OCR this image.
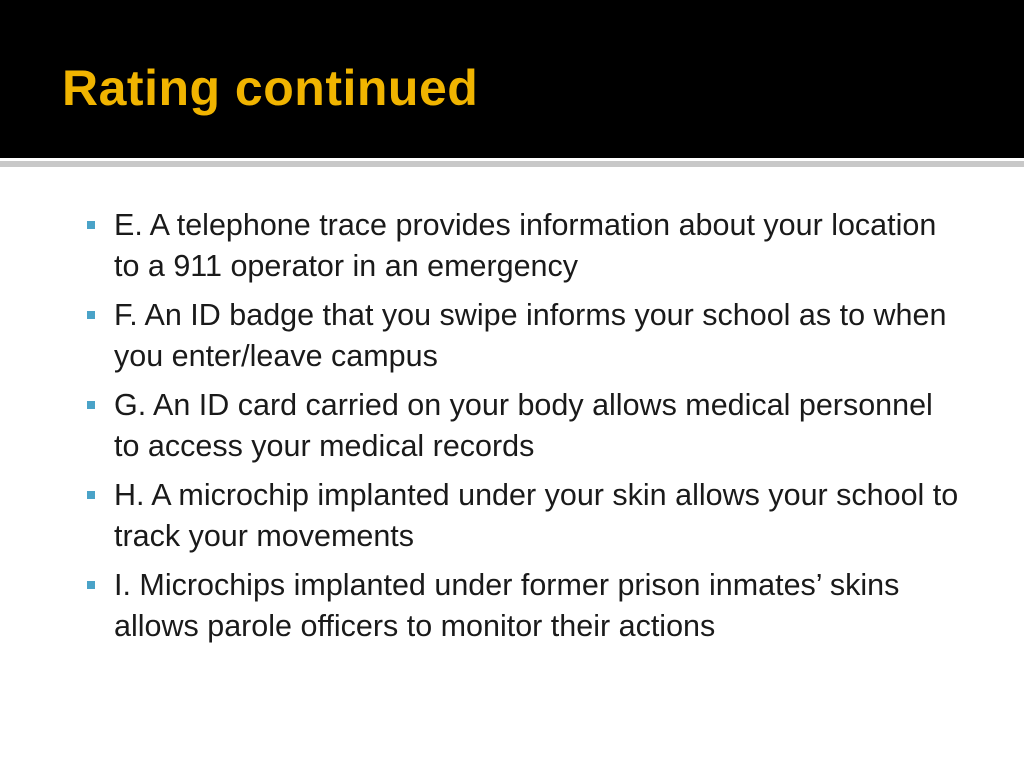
Rating continued
E. A telephone trace provides information about your location to a 911 operator in an emergency
F. An ID badge that you swipe informs your school as to when you enter/leave campus
G. An ID card carried on your body allows medical personnel to access your medical records
H. A microchip implanted under your skin allows your school to track your movements
I. Microchips implanted under former prison inmates’ skins allows parole officers to monitor their actions
